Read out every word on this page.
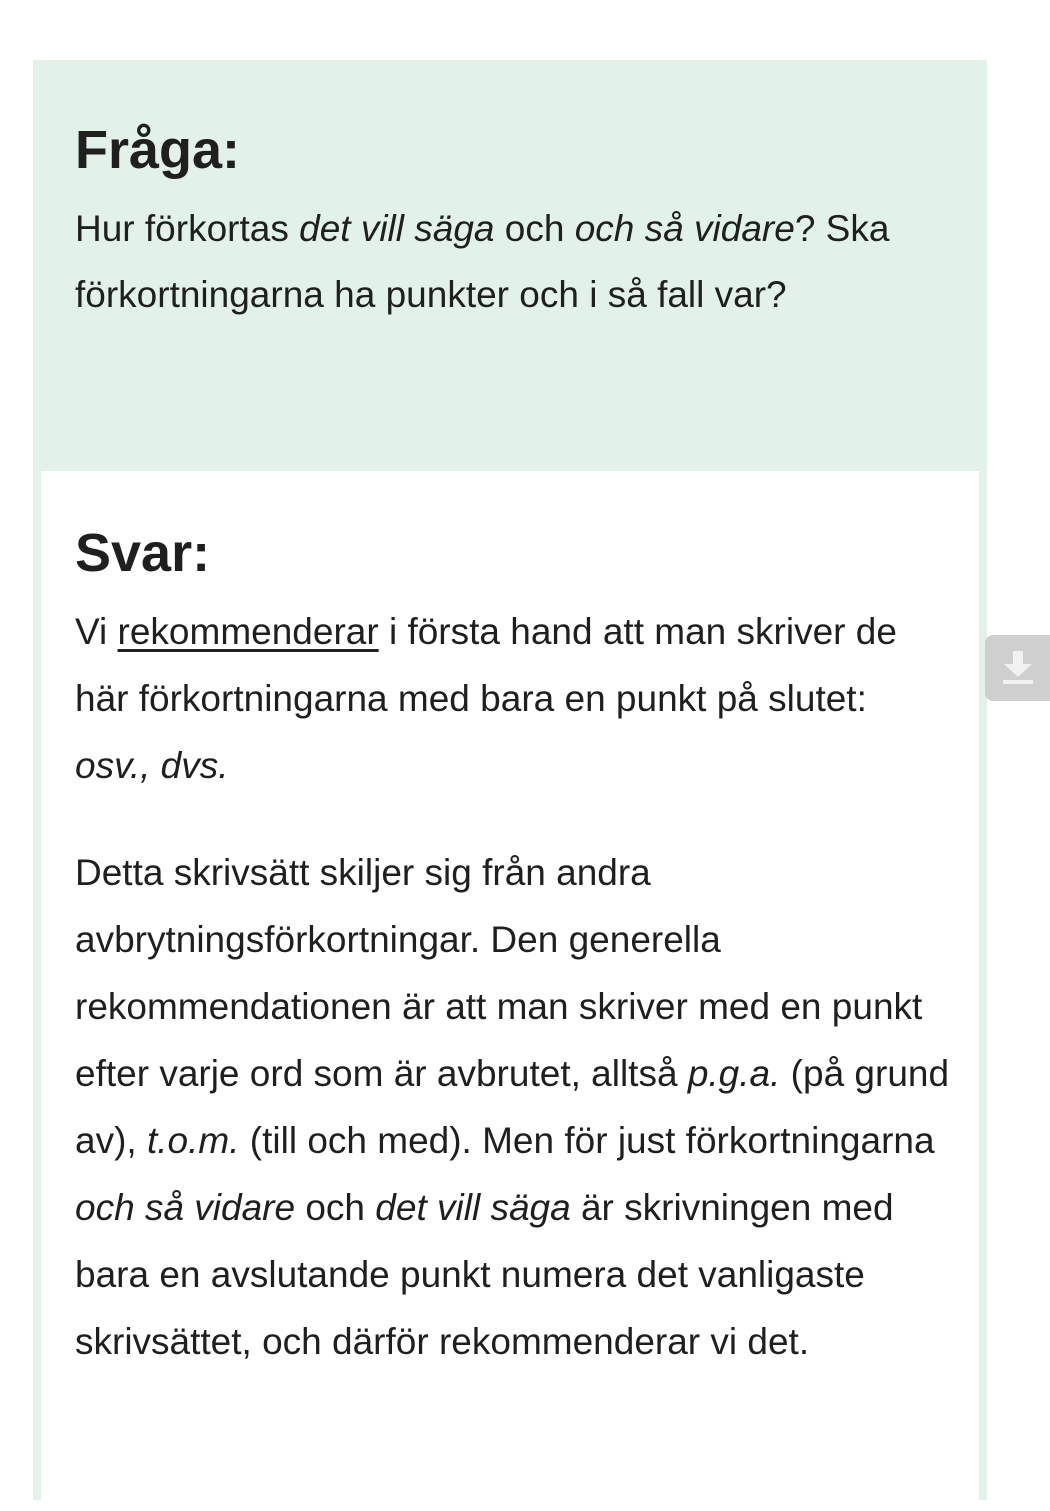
Fråga:

Hur förkortas det vill säga och och så vidare? Ska förkortningarna ha punkter och i så fall var?

Svar:

Vi rekommenderar i första hand att man skriver de här förkortningarna med bara en punkt på slutet: osv., dvs.

Detta skrivsätt skiljer sig från andra avbrytningsförkortningar. Den generella rekommendationen är att man skriver med en punkt efter varje ord som är avbrutet, alltså p.g.a. (på grund av), t.o.m. (till och med). Men för just förkortningarna och så vidare och det vill säga är skrivningen med bara en avslutande punkt numera det vanligaste skrivsättet, och därför rekommenderar vi det.
